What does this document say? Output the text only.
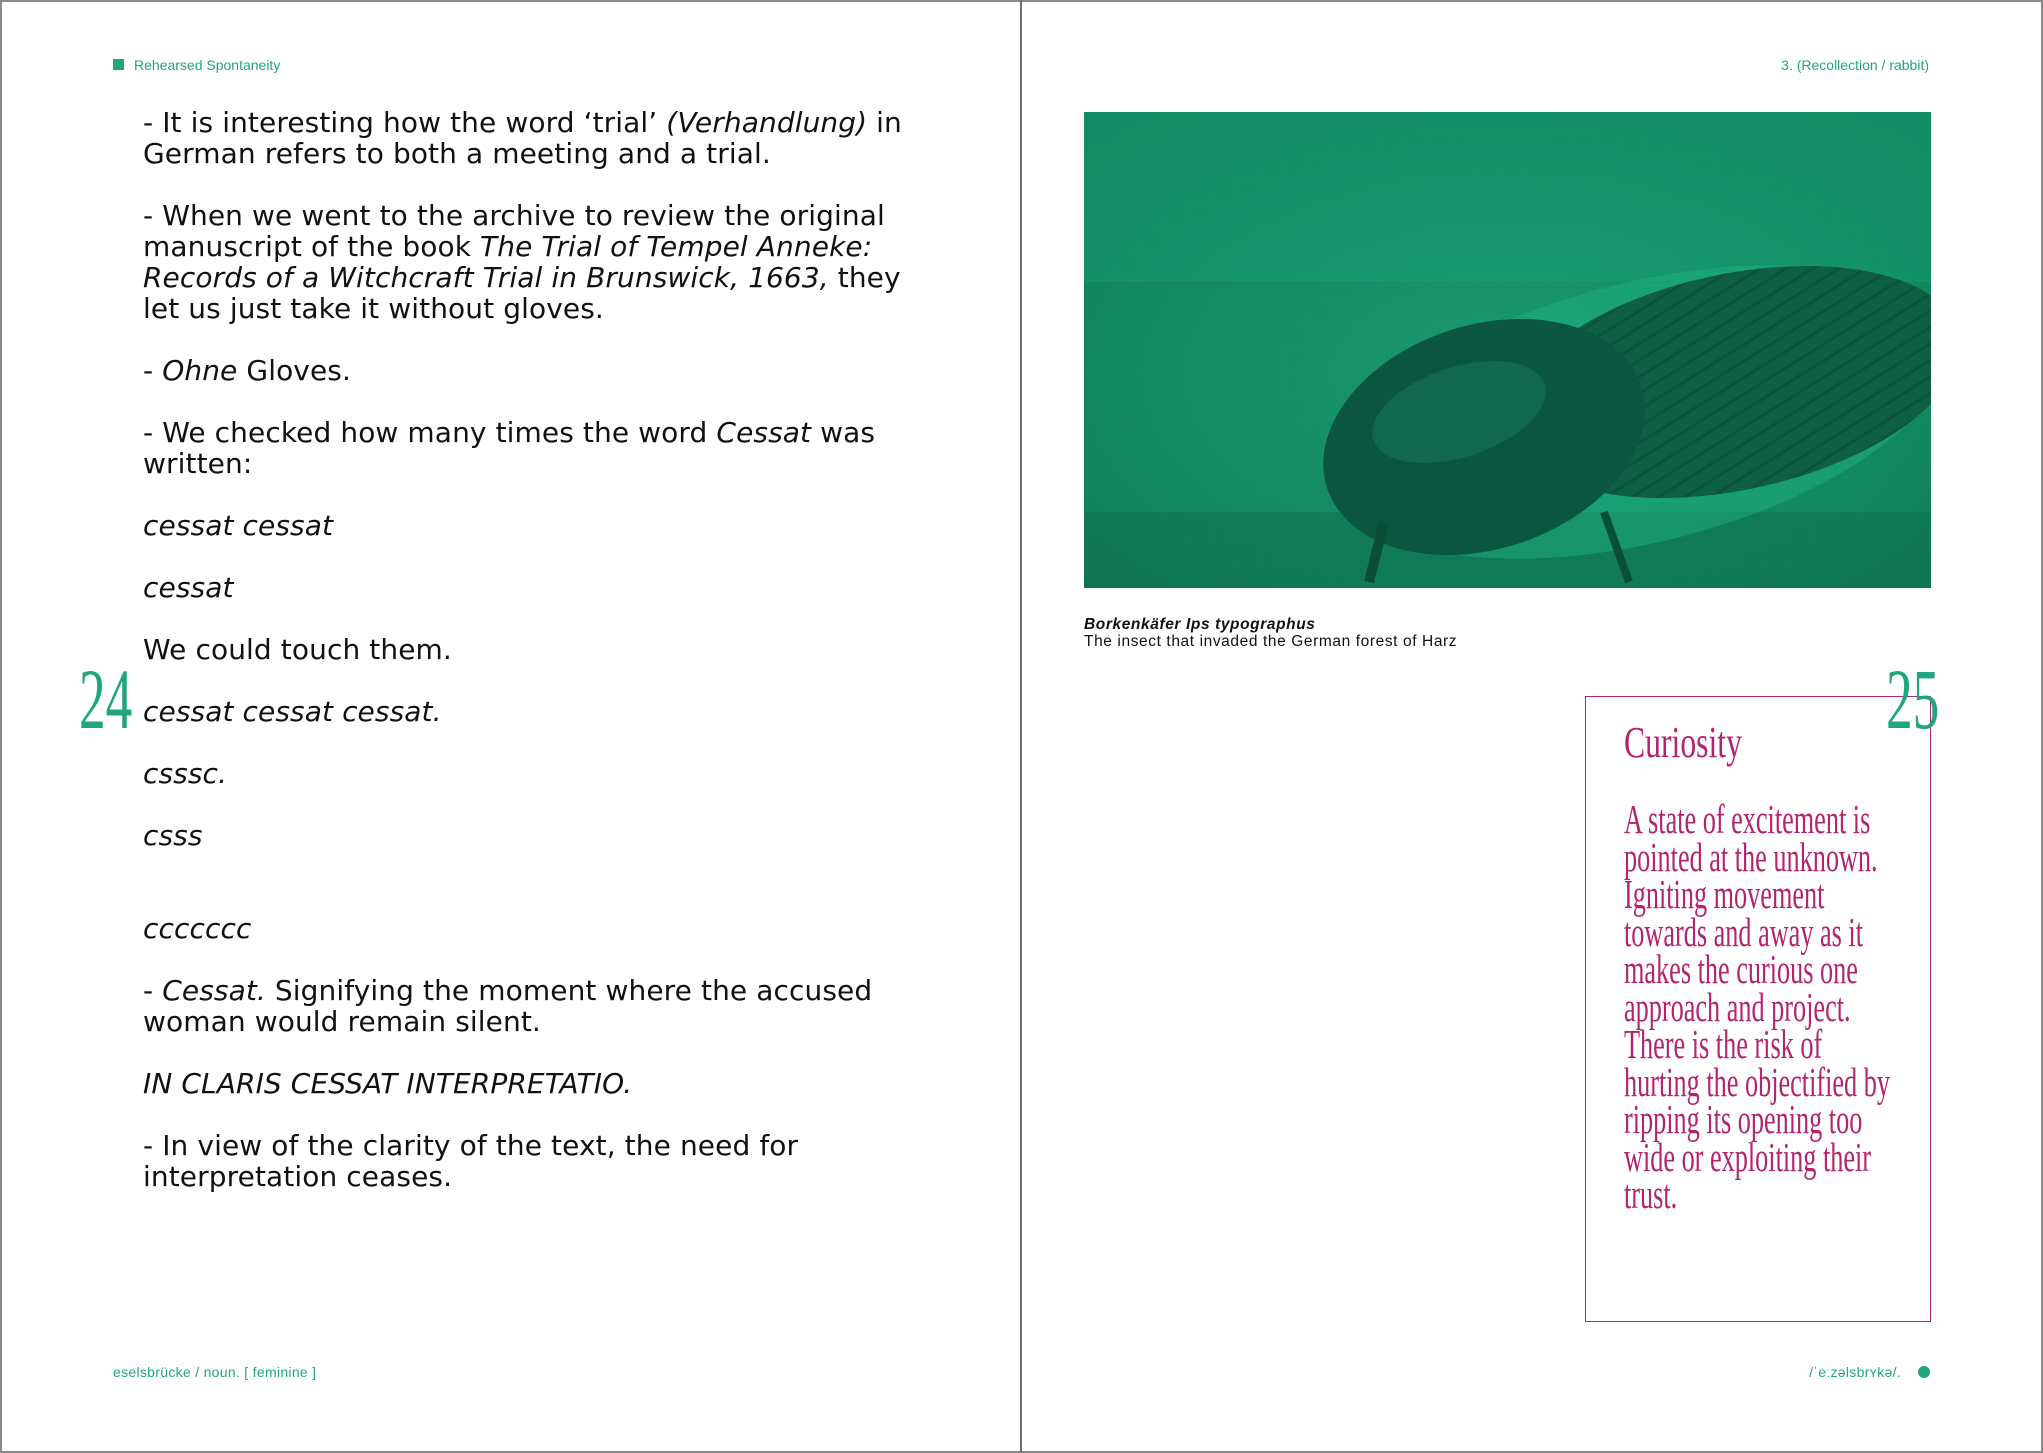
Rehearsed Spontaneity
24

- It is interesting how the word ‘trial’ (Verhandlung) in German refers to both a meeting and a trial.

- When we went to the archive to review the original manuscript of the book The Trial of Tempel Anneke: Records of a Witchcraft Trial in Brunswick, 1663, they let us just take it without gloves.

- Ohne Gloves.

- We checked how many times the word Cessat was written:

cessat cessat

cessat

We could touch them.

cessat cessat cessat.

csssc.

csss

ccccccc

- Cessat. Signifying the moment where the accused woman would remain silent.

IN CLARIS CESSAT INTERPRETATIO.

- In view of the clarity of the text, the need for interpretation ceases.

eselsbrücke / noun. [ feminine ]
3. (Recollection / rabbit)
Borkenkäfer Ips typographus
The insect that invaded the German forest of Harz
Curiosity
A state of excitement is pointed at the unknown. Igniting movement towards and away as it makes the curious one approach and project. There is the risk of hurting the objectified by ripping its opening too wide or exploiting their trust.
25
/ˈeːzəlsbrʏkə/.
